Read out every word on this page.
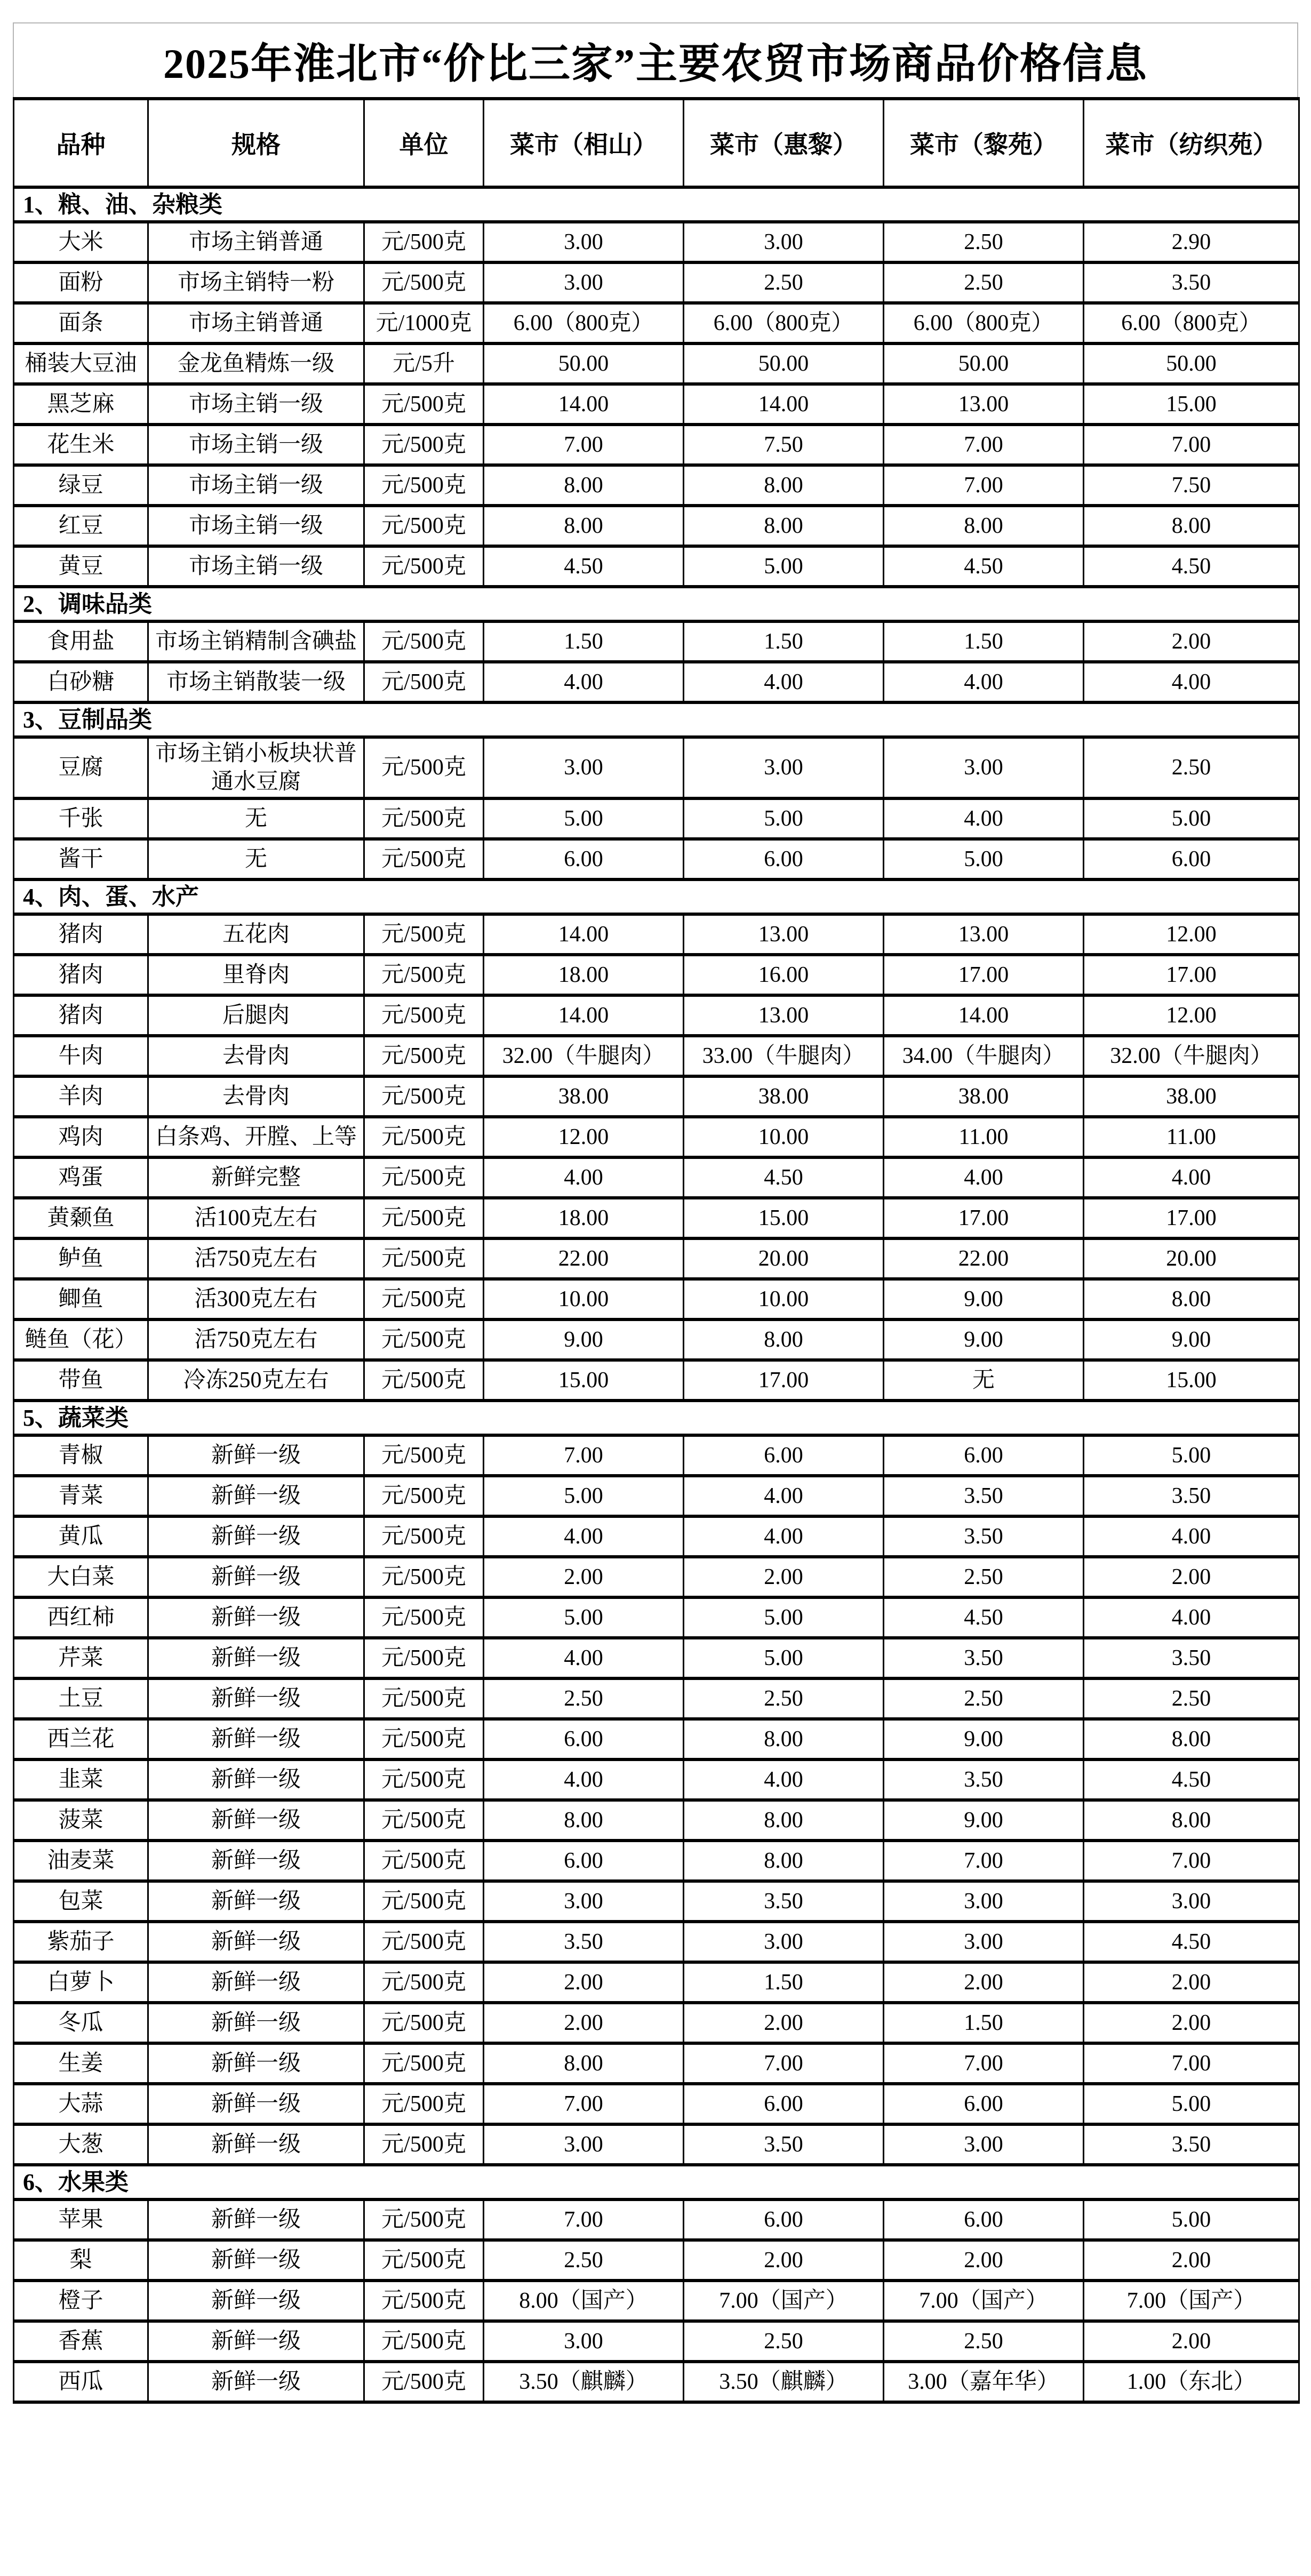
2025年淮北市“价比三家”主要农贸市场商品价格信息
品种	规格	单位	菜市（相山）	菜市（惠黎）	菜市（黎苑）	菜市（纺织苑）
1、粮、油、杂粮类						
大米	市场主销普通	元/500克	3.00	3.00	2.50	2.90
面粉	市场主销特一粉	元/500克	3.00	2.50	2.50	3.50
面条	市场主销普通	元/1000克	6.00（800克）	6.00（800克）	6.00（800克）	6.00（800克）
桶装大豆油	金龙鱼精炼一级	元/5升	50.00	50.00	50.00	50.00
黑芝麻	市场主销一级	元/500克	14.00	14.00	13.00	15.00
花生米	市场主销一级	元/500克	7.00	7.50	7.00	7.00
绿豆	市场主销一级	元/500克	8.00	8.00	7.00	7.50
红豆	市场主销一级	元/500克	8.00	8.00	8.00	8.00
黄豆	市场主销一级	元/500克	4.50	5.00	4.50	4.50
2、调味品类						
食用盐	市场主销精制含碘盐	元/500克	1.50	1.50	1.50	2.00
白砂糖	市场主销散装一级	元/500克	4.00	4.00	4.00	4.00
3、豆制品类						
豆腐	市场主销小板块状普通水豆腐	元/500克	3.00	3.00	3.00	2.50
千张	无	元/500克	5.00	5.00	4.00	5.00
酱干	无	元/500克	6.00	6.00	5.00	6.00
4、肉、蛋、水产						
猪肉	五花肉	元/500克	14.00	13.00	13.00	12.00
猪肉	里脊肉	元/500克	18.00	16.00	17.00	17.00
猪肉	后腿肉	元/500克	14.00	13.00	14.00	12.00
牛肉	去骨肉	元/500克	32.00（牛腿肉）	33.00（牛腿肉）	34.00（牛腿肉）	32.00（牛腿肉）
羊肉	去骨肉	元/500克	38.00	38.00	38.00	38.00
鸡肉	白条鸡、开膛、上等	元/500克	12.00	10.00	11.00	11.00
鸡蛋	新鲜完整	元/500克	4.00	4.50	4.00	4.00
黄颡鱼	活100克左右	元/500克	18.00	15.00	17.00	17.00
鲈鱼	活750克左右	元/500克	22.00	20.00	22.00	20.00
鲫鱼	活300克左右	元/500克	10.00	10.00	9.00	8.00
鲢鱼（花）	活750克左右	元/500克	9.00	8.00	9.00	9.00
带鱼	冷冻250克左右	元/500克	15.00	17.00	无	15.00
5、蔬菜类						
青椒	新鲜一级	元/500克	7.00	6.00	6.00	5.00
青菜	新鲜一级	元/500克	5.00	4.00	3.50	3.50
黄瓜	新鲜一级	元/500克	4.00	4.00	3.50	4.00
大白菜	新鲜一级	元/500克	2.00	2.00	2.50	2.00
西红柿	新鲜一级	元/500克	5.00	5.00	4.50	4.00
芹菜	新鲜一级	元/500克	4.00	5.00	3.50	3.50
土豆	新鲜一级	元/500克	2.50	2.50	2.50	2.50
西兰花	新鲜一级	元/500克	6.00	8.00	9.00	8.00
韭菜	新鲜一级	元/500克	4.00	4.00	3.50	4.50
菠菜	新鲜一级	元/500克	8.00	8.00	9.00	8.00
油麦菜	新鲜一级	元/500克	6.00	8.00	7.00	7.00
包菜	新鲜一级	元/500克	3.00	3.50	3.00	3.00
紫茄子	新鲜一级	元/500克	3.50	3.00	3.00	4.50
白萝卜	新鲜一级	元/500克	2.00	1.50	2.00	2.00
冬瓜	新鲜一级	元/500克	2.00	2.00	1.50	2.00
生姜	新鲜一级	元/500克	8.00	7.00	7.00	7.00
大蒜	新鲜一级	元/500克	7.00	6.00	6.00	5.00
大葱	新鲜一级	元/500克	3.00	3.50	3.00	3.50
6、水果类						
苹果	新鲜一级	元/500克	7.00	6.00	6.00	5.00
梨	新鲜一级	元/500克	2.50	2.00	2.00	2.00
橙子	新鲜一级	元/500克	8.00（国产）	7.00（国产）	7.00（国产）	7.00（国产）
香蕉	新鲜一级	元/500克	3.00	2.50	2.50	2.00
西瓜	新鲜一级	元/500克	3.50（麒麟）	3.50（麒麟）	3.00（嘉年华）	1.00（东北）
